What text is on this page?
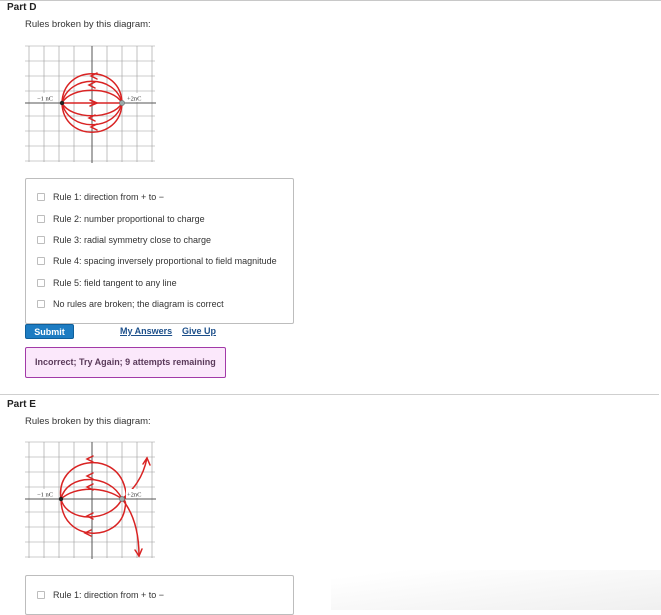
Part D
Rules broken by this diagram:
−1 nC	+2nC
Rule 1: direction from + to −
Rule 2: number proportional to charge
Rule 3: radial symmetry close to charge
Rule 4: spacing inversely proportional to field magnitude
Rule 5: field tangent to any line
No rules are broken; the diagram is correct
Submit	My Answers Give Up
Incorrect; Try Again; 9 attempts remaining
Part E
Rules broken by this diagram:
−1 nC	+2nC
Rule 1: direction from + to −
